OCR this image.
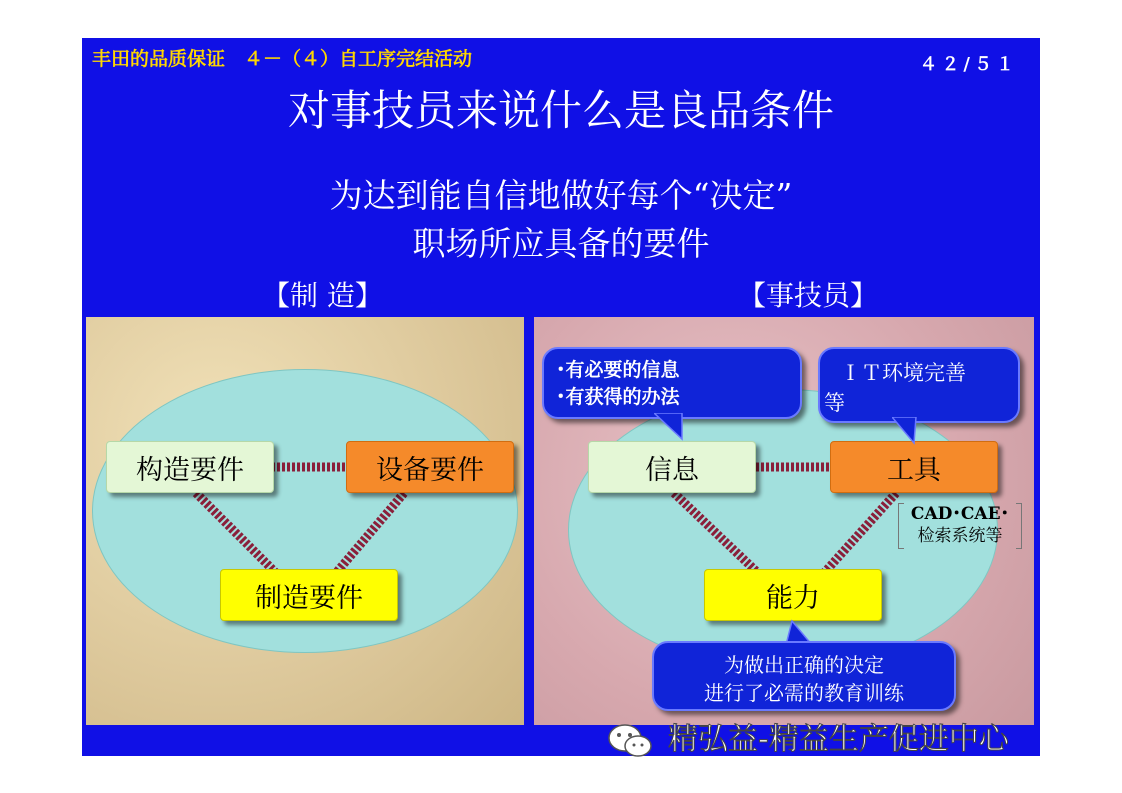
丰田的品质保证　４－（４）自工序完结活动	４２/５１
对事技员来说什么是良品条件
为达到能自信地做好每个“决定”
职场所应具备的要件
【制 造】	【事技员】
构造要件	设备要件
制造要件
信息	工具
能力
･有必要的信息
･有获得的办法
ＩＴ环境完善
等
为做出正确的决定
进行了必需的教育训练
CAD･CAE･
检索系统等
精弘益-精益生产促进中心
